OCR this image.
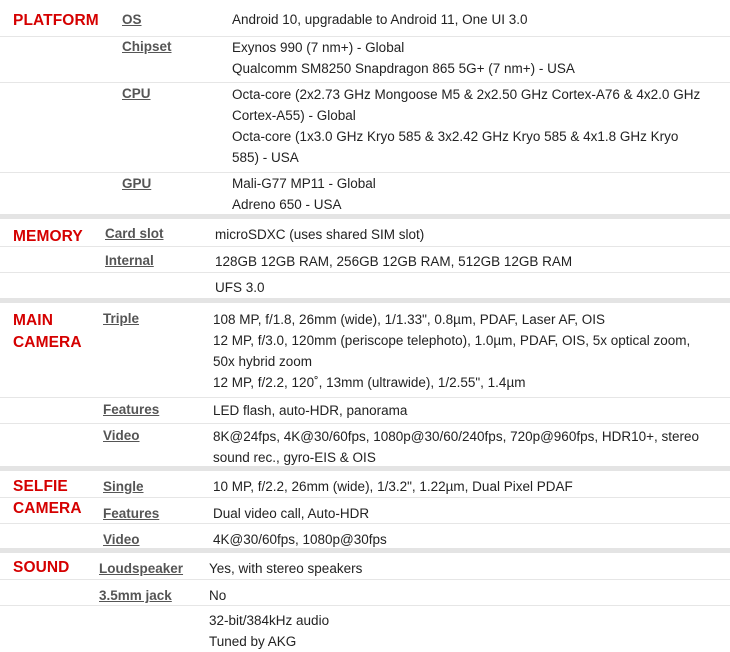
PLATFORM OS	Android 10, upgradable to Android 11, One UI 3.0
Chipset	Exynos 990 (7 nm+) - Global
Qualcomm SM8250 Snapdragon 865 5G+ (7 nm+) - USA
CPU	Octa-core (2x2.73 GHz Mongoose M5 & 2x2.50 GHz Cortex-A76 & 4x2.0 GHz
Cortex-A55) - Global
Octa-core (1x3.0 GHz Kryo 585 & 3x2.42 GHz Kryo 585 & 4x1.8 GHz Kryo
585) - USA
GPU	Mali-G77 MP11 - Global
Adreno 650 - USA
MEMORY Card slot	microSDXC (uses shared SIM slot)
Internal	128GB 12GB RAM, 256GB 12GB RAM, 512GB 12GB RAM
UFS 3.0
MAIN
CAMERA
Triple	108 MP, f/1.8, 26mm (wide), 1/1.33", 0.8µm, PDAF, Laser AF, OIS
12 MP, f/3.0, 120mm (periscope telephoto), 1.0µm, PDAF, OIS, 5x optical zoom,
50x hybrid zoom
12 MP, f/2.2, 120˚, 13mm (ultrawide), 1/2.55", 1.4µm
Features	LED flash, auto-HDR, panorama
Video	8K@24fps, 4K@30/60fps, 1080p@30/60/240fps, 720p@960fps, HDR10+, stereo
sound rec., gyro-EIS & OIS
SELFIE
CAMERA
Single	10 MP, f/2.2, 26mm (wide), 1/3.2", 1.22µm, Dual Pixel PDAF
Features	Dual video call, Auto-HDR
Video	4K@30/60fps, 1080p@30fps
SOUND Loudspeaker Yes, with stereo speakers
3.5mm jack	No
32-bit/384kHz audio
Tuned by AKG
